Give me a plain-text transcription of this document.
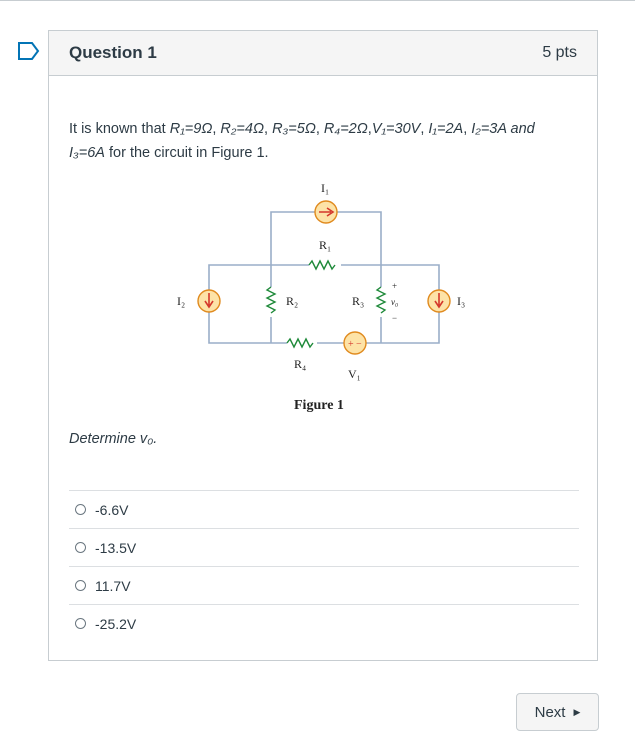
Question 1	5 pts
It is known that R₁=9Ω, R₂=4Ω, R₃=5Ω, R₄=2Ω,V₁=30V, I₁=2A, I₂=3A and
I₃=6A for the circuit in Figure 1.
+ −
I₁
R₁
I₂	R₂	R₃	I₃
R₄
V₁
+
v₀
−
Figure 1
Determine v₀.
-6.6V
-13.5V
11.7V
-25.2V
Next ▶
